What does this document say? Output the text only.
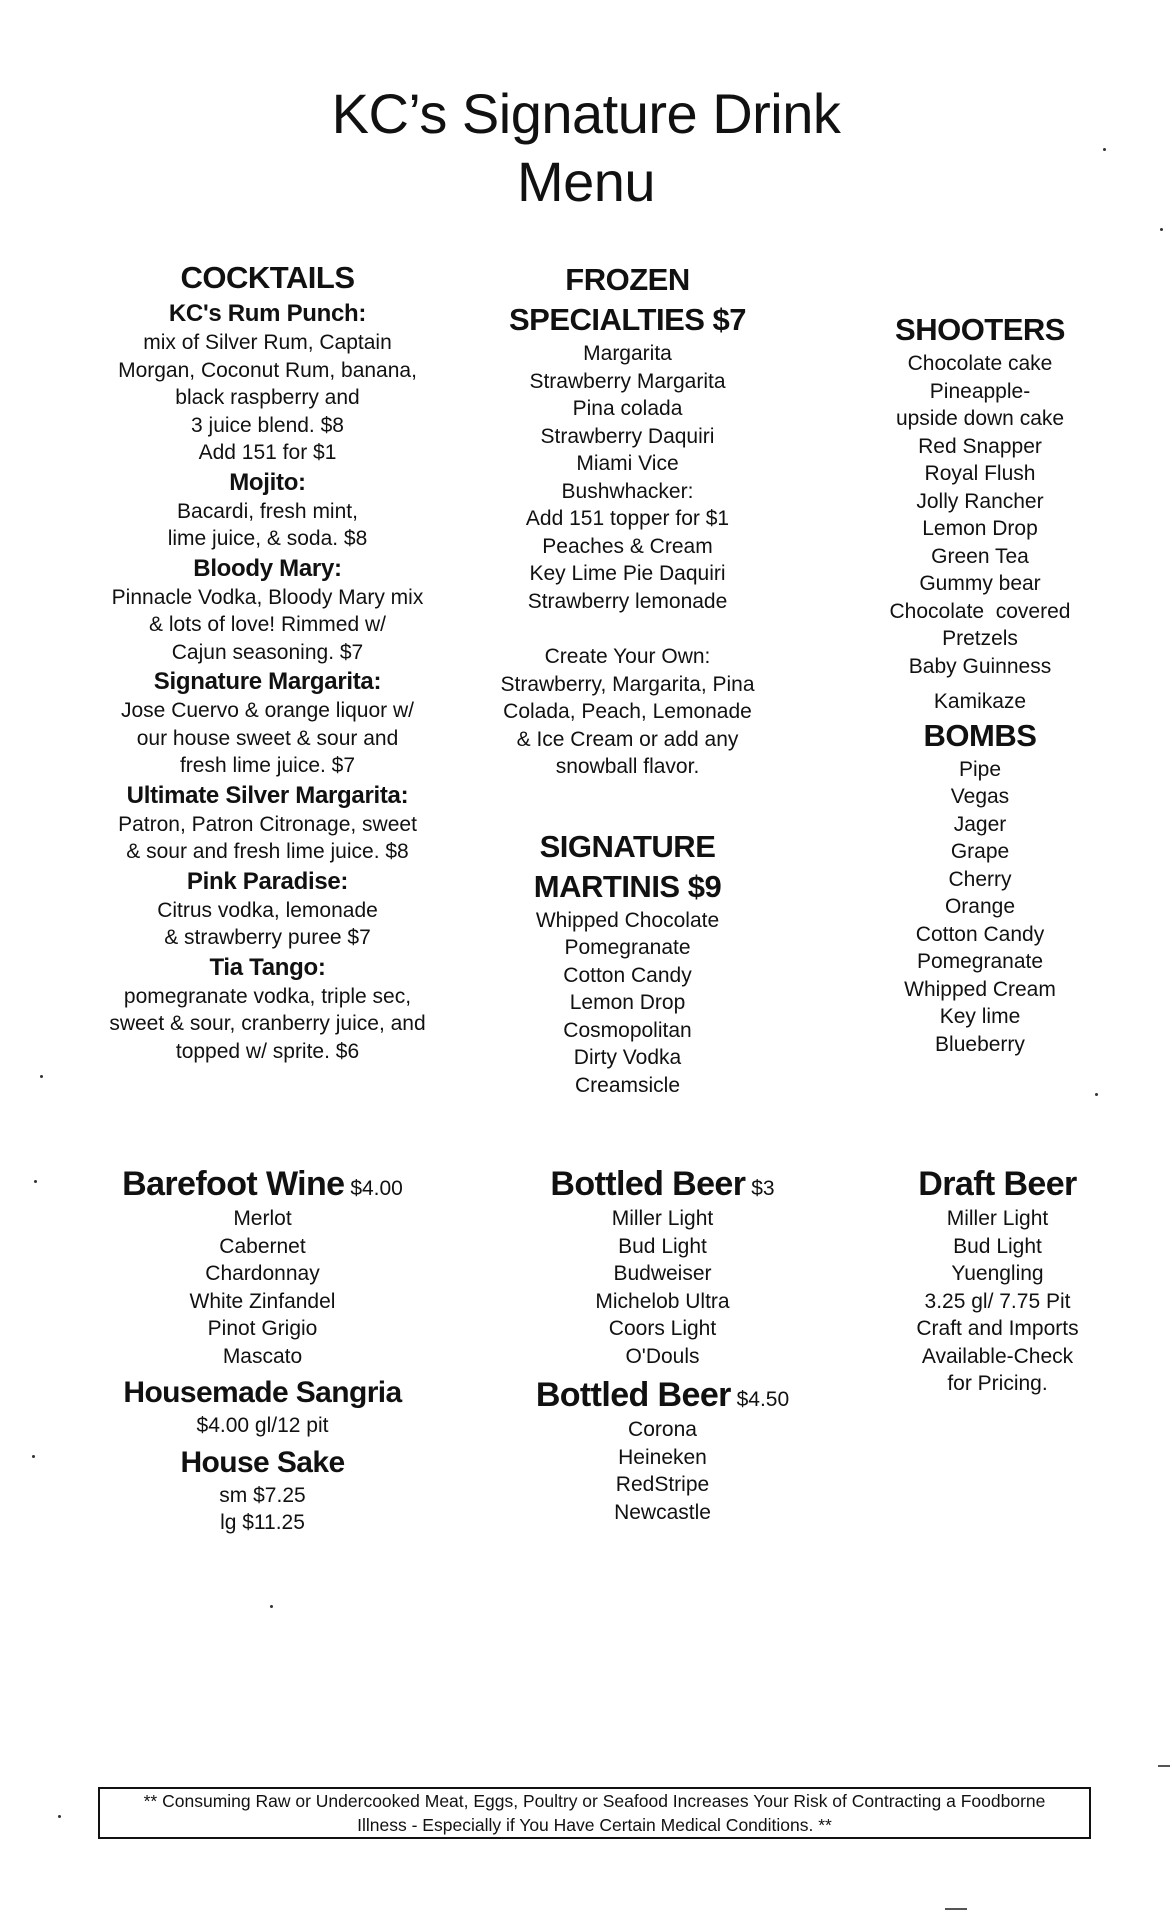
KC’s Signature Drink
Menu
COCKTAILS
KC's Rum Punch:
mix of Silver Rum, Captain
Morgan, Coconut Rum, banana,
black raspberry and
3 juice blend. $8
Add 151 for $1
Mojito:
Bacardi, fresh mint,
lime juice, & soda. $8
Bloody Mary:
Pinnacle Vodka, Bloody Mary mix
& lots of love! Rimmed w/
Cajun seasoning. $7
Signature Margarita:
Jose Cuervo & orange liquor w/
our house sweet & sour and
fresh lime juice. $7
Ultimate Silver Margarita:
Patron, Patron Citronage, sweet
& sour and fresh lime juice. $8
Pink Paradise:
Citrus vodka, lemonade
& strawberry puree $7
Tia Tango:
pomegranate vodka, triple sec,
sweet & sour, cranberry juice, and
topped w/ sprite. $6
FROZEN
SPECIALTIES $7
Margarita
Strawberry Margarita
Pina colada
Strawberry Daquiri
Miami Vice
Bushwhacker:
Add 151 topper for $1
Peaches & Cream
Key Lime Pie Daquiri
Strawberry lemonade
Create Your Own:
Strawberry, Margarita, Pina
Colada, Peach, Lemonade
& Ice Cream or add any
snowball flavor.
SIGNATURE
MARTINIS $9
Whipped Chocolate
Pomegranate
Cotton Candy
Lemon Drop
Cosmopolitan
Dirty Vodka
Creamsicle
SHOOTERS
Chocolate cake
Pineapple-
upside down cake
Red Snapper
Royal Flush
Jolly Rancher
Lemon Drop
Green Tea
Gummy bear
Chocolate  covered
Pretzels
Baby Guinness
Kamikaze
BOMBS
Pipe
Vegas
Jager
Grape
Cherry
Orange
Cotton Candy
Pomegranate
Whipped Cream
Key lime
Blueberry
Barefoot Wine $4.00
Merlot
Cabernet
Chardonnay
White Zinfandel
Pinot Grigio
Mascato
Housemade Sangria
$4.00 gl/12 pit
House Sake
sm $7.25
lg $11.25
Bottled Beer $3
Miller Light
Bud Light
Budweiser
Michelob Ultra
Coors Light
O'Douls
Bottled Beer $4.50
Corona
Heineken
RedStripe
Newcastle
Draft Beer
Miller Light
Bud Light
Yuengling
3.25 gl/ 7.75 Pit
Craft and Imports
Available-Check
for Pricing.
** Consuming Raw or Undercooked Meat, Eggs, Poultry or Seafood Increases Your Risk of Contracting a Foodborne
Illness - Especially if You Have Certain Medical Conditions. **
